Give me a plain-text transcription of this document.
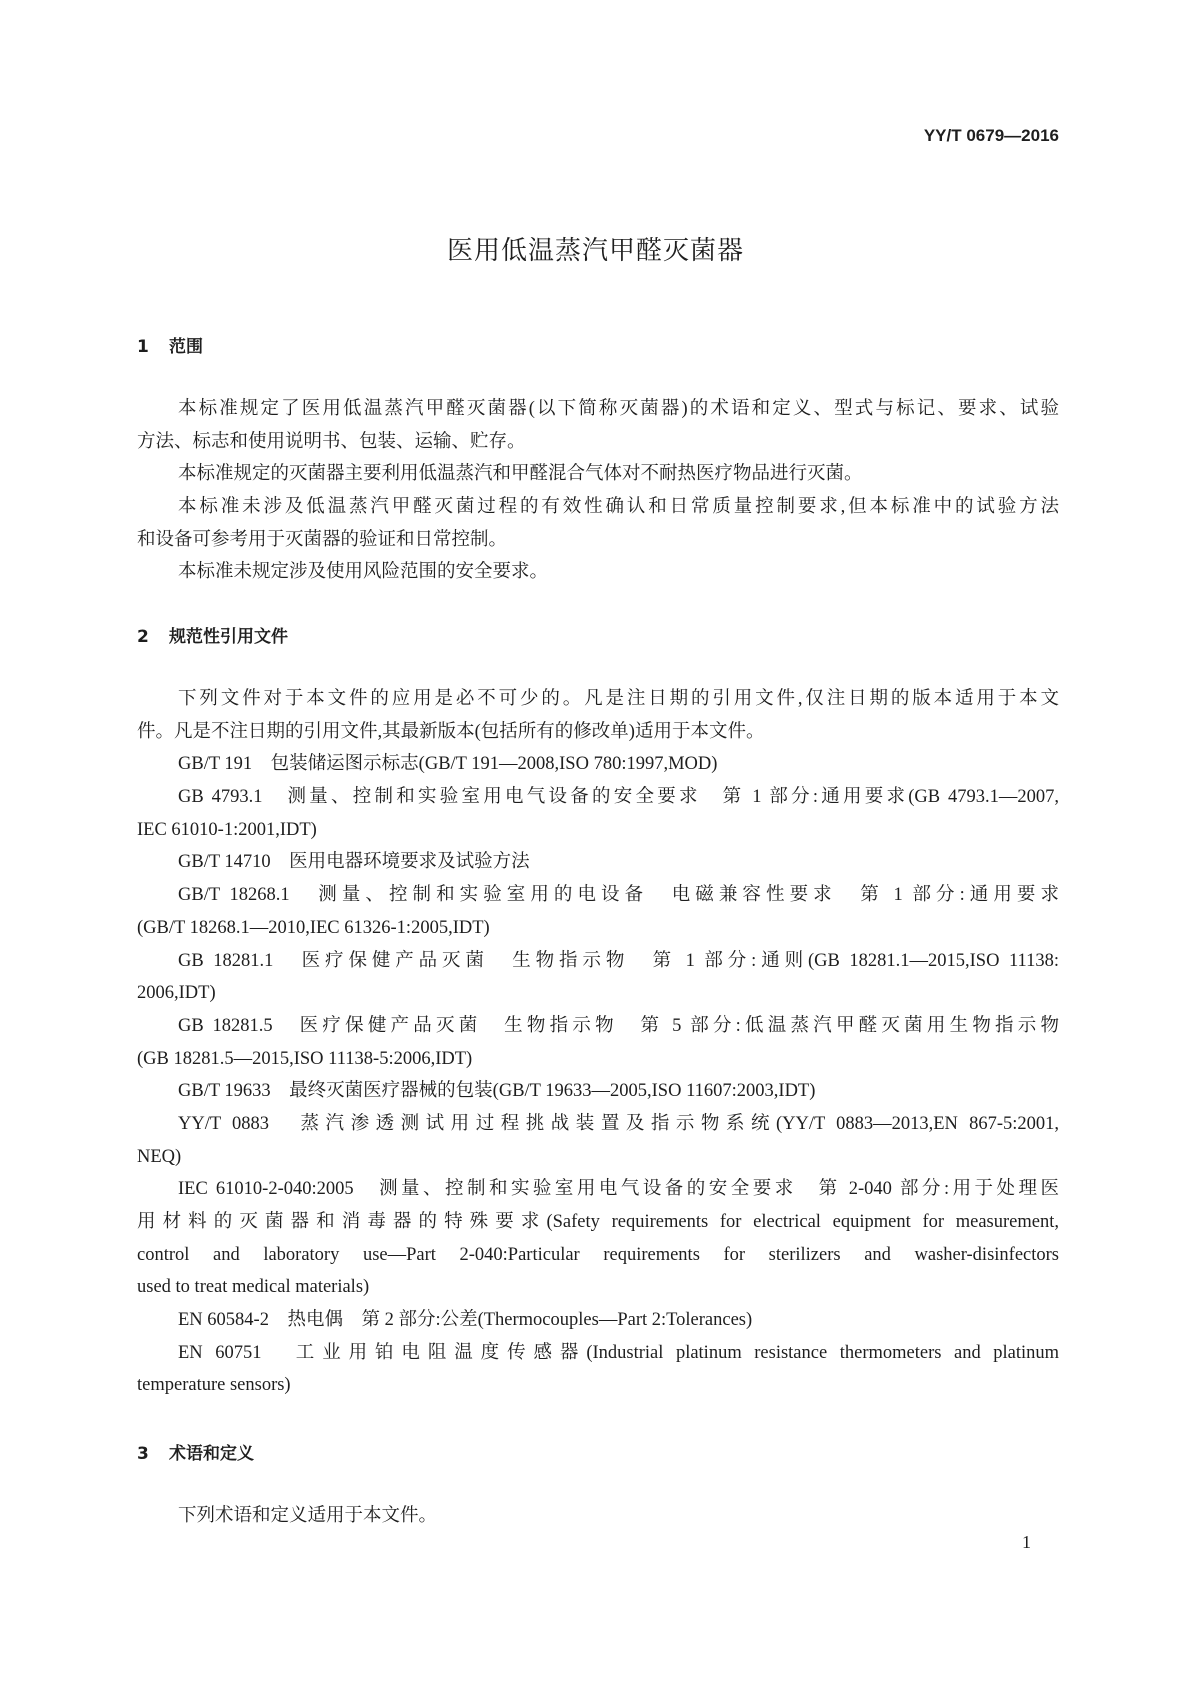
YY/T 0679—2016
医用低温蒸汽甲醛灭菌器
1 范围
本标准规定了医用低温蒸汽甲醛灭菌器(以下简称灭菌器)的术语和定义、型式与标记、要求、试验
方法、标志和使用说明书、包装、运输、贮存。
本标准规定的灭菌器主要利用低温蒸汽和甲醛混合气体对不耐热医疗物品进行灭菌。
本标准未涉及低温蒸汽甲醛灭菌过程的有效性确认和日常质量控制要求,但本标准中的试验方法
和设备可参考用于灭菌器的验证和日常控制。
本标准未规定涉及使用风险范围的安全要求。
2 规范性引用文件
下列文件对于本文件的应用是必不可少的。凡是注日期的引用文件,仅注日期的版本适用于本文
件。凡是不注日期的引用文件,其最新版本(包括所有的修改单)适用于本文件。
GB/T 191　包装储运图示标志(GB/T 191—2008,ISO 780:1997,MOD)
GB 4793.1　测量、控制和实验室用电气设备的安全要求　第 1 部分:通用要求(GB 4793.1—2007,
IEC 61010-1:2001,IDT)
GB/T 14710　医用电器环境要求及试验方法
GB/T 18268.1　测量、控制和实验室用的电设备　电磁兼容性要求　第 1 部分:通用要求
(GB/T 18268.1—2010,IEC 61326-1:2005,IDT)
GB 18281.1　医疗保健产品灭菌　生物指示物　第 1 部分:通则(GB 18281.1—2015,ISO 11138:
2006,IDT)
GB 18281.5　医疗保健产品灭菌　生物指示物　第 5 部分:低温蒸汽甲醛灭菌用生物指示物
(GB 18281.5—2015,ISO 11138-5:2006,IDT)
GB/T 19633　最终灭菌医疗器械的包装(GB/T 19633—2005,ISO 11607:2003,IDT)
YY/T 0883　蒸汽渗透测试用过程挑战装置及指示物系统(YY/T 0883—2013,EN 867-5:2001,
NEQ)
IEC 61010-2-040:2005　测量、控制和实验室用电气设备的安全要求　第 2-040 部分:用于处理医
用材料的灭菌器和消毒器的特殊要求(Safety requirements for electrical equipment for measurement,
control and laboratory use—Part 2-040:Particular requirements for sterilizers and washer-disinfectors
used to treat medical materials)
EN 60584-2　热电偶　第 2 部分:公差(Thermocouples—Part 2:Tolerances)
EN 60751　工业用铂电阻温度传感器(Industrial platinum resistance thermometers and platinum
temperature sensors)
3 术语和定义
下列术语和定义适用于本文件。
1
